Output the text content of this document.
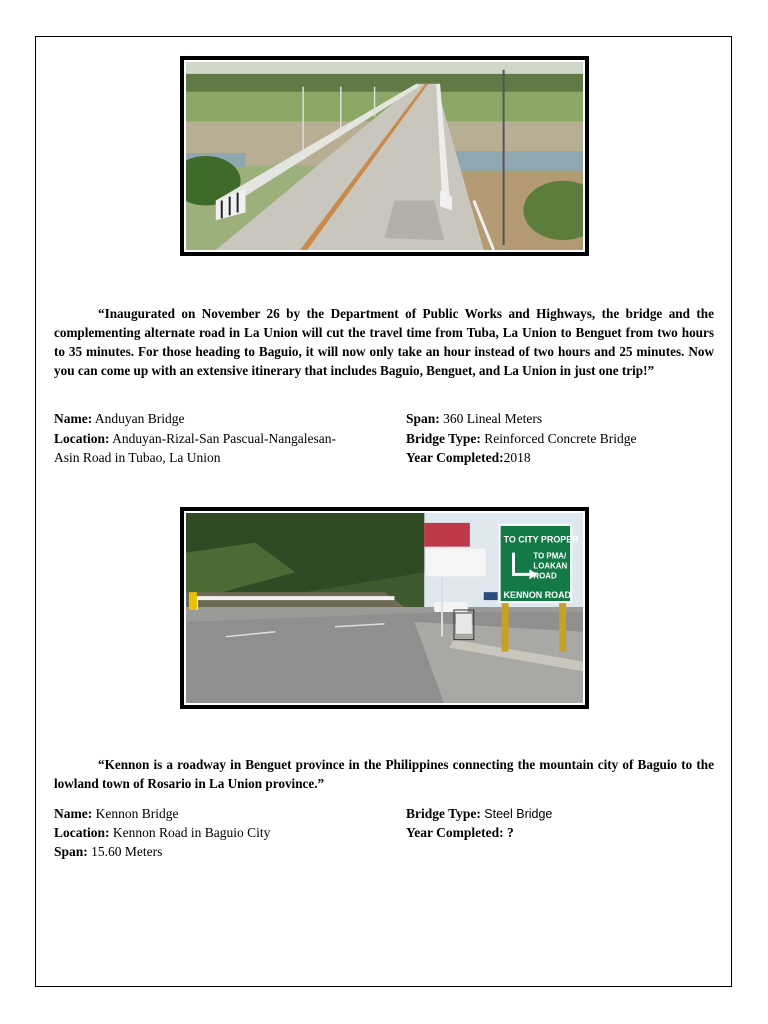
“Inaugurated on November 26 by the Department of Public Works and Highways, the bridge and the complementing alternate road in La Union will cut the travel time from Tuba, La Union to Benguet from two hours to 35 minutes. For those heading to Baguio, it will now only take an hour instead of two hours and 25 minutes. Now you can come up with an extensive itinerary that includes Baguio, Benguet, and La Union in just one trip!”

Name: Anduyan Bridge
Location: Anduyan-Rizal-San Pascual-Nangalesan-
Asin Road in Tubao, La Union
Span: 360 Lineal Meters
Bridge Type: Reinforced Concrete Bridge
Year Completed:2018
TO CITY PROPER
TO PMA/
LOAKAN
ROAD
KENNON ROAD

“Kennon is a roadway in Benguet province in the Philippines connecting the mountain city of Baguio to the lowland town of Rosario in La Union province.”

Name: Kennon Bridge
Location: Kennon Road in Baguio City
Span: 15.60 Meters
Bridge Type: Steel Bridge
Year Completed: ?
